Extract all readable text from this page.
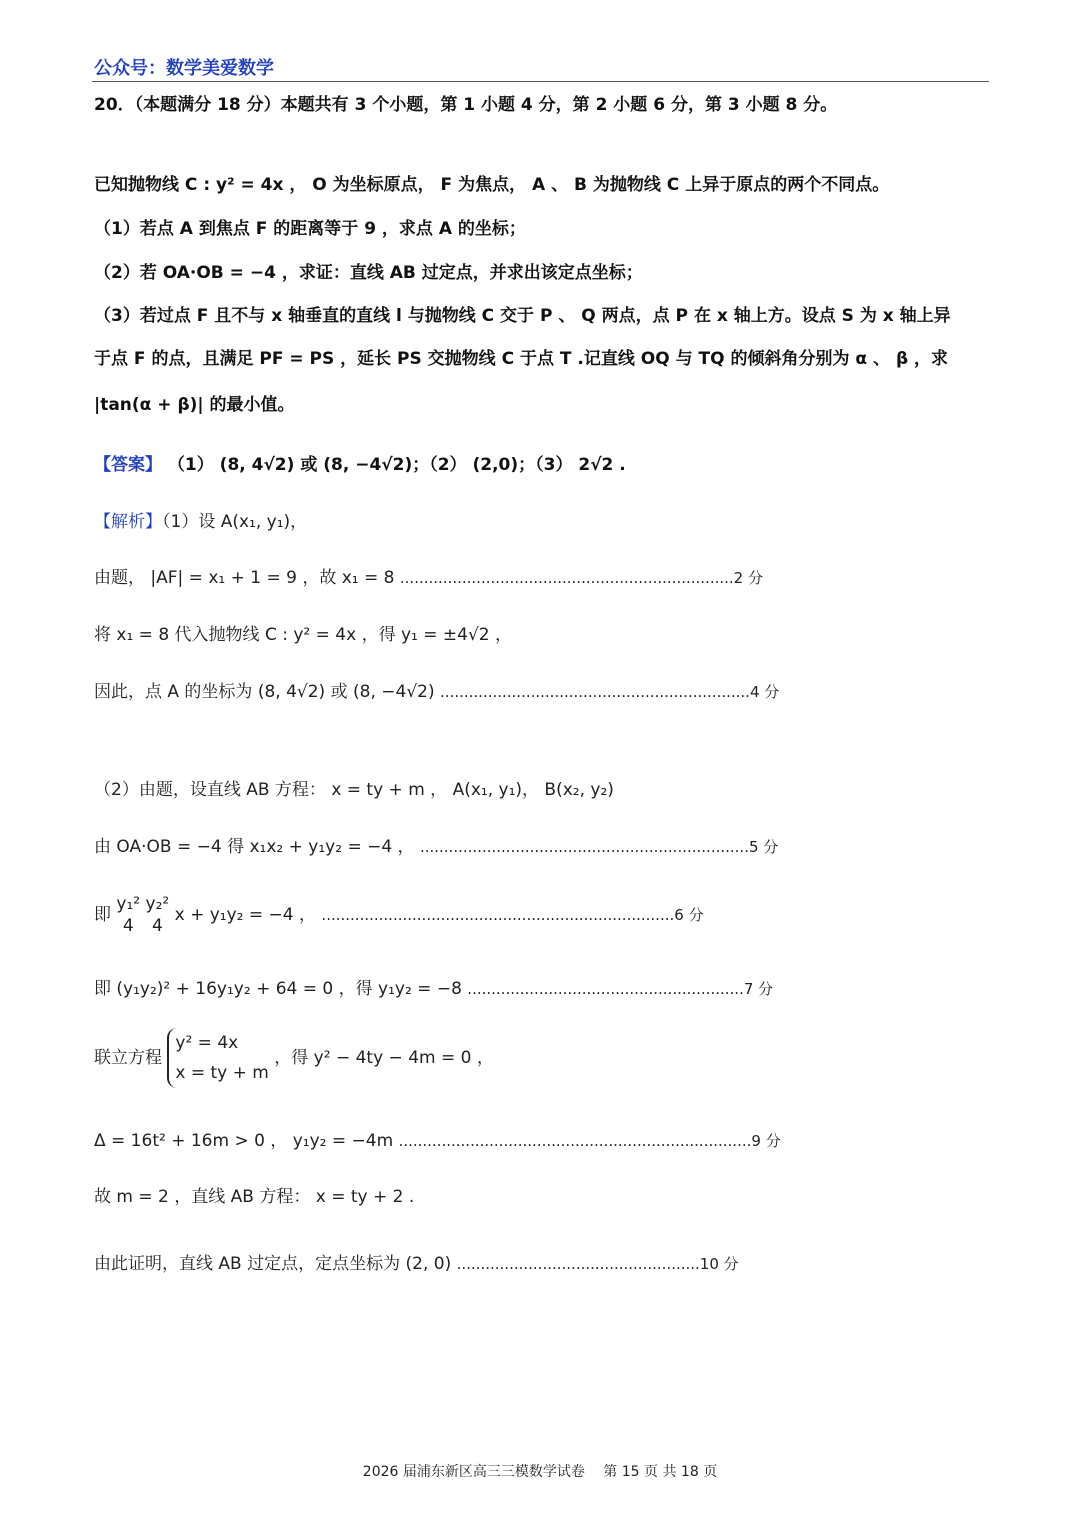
公众号：数学美爱数学
20．（本题满分 18 分）本题共有 3 个小题，第 1 小题 4 分，第 2 小题 6 分，第 3 小题 8 分。
已知抛物线 C : y² = 4x ， O 为坐标原点， F 为焦点， A 、 B 为抛物线 C 上异于原点的两个不同点。
（1）若点 A 到焦点 F 的距离等于 9 ，求点 A 的坐标；
（2）若 OA·OB = −4 ，求证：直线 AB 过定点，并求出该定点坐标；
（3）若过点 F 且不与 x 轴垂直的直线 l 与抛物线 C 交于 P 、 Q 两点，点 P 在 x 轴上方。设点 S 为 x 轴上异
于点 F 的点，且满足 PF = PS ，延长 PS 交抛物线 C 于点 T .记直线 OQ 与 TQ 的倾斜角分别为 α 、 β ，求
|tan(α + β)| 的最小值。
【答案】 （1） (8, 4√2) 或 (8, −4√2)；（2） (2,0)；（3） 2√2 .
【解析】（1）设 A(x₁, y₁)，
由题， |AF| = x₁ + 1 = 9 ，故 x₁ = 8 ......................................................................2 分
将 x₁ = 8 代入抛物线 C : y² = 4x ，得 y₁ = ±4√2 ，
因此，点 A 的坐标为 (8, 4√2) 或 (8, −4√2) .................................................................4 分
（2）由题，设直线 AB 方程： x = ty + m ， A(x₁, y₁)， B(x₂, y₂)
由 OA·OB = −4 得 x₁x₂ + y₁y₂ = −4 ， .....................................................................5 分
即
y₁²
4

y₂²
4
x + y₁y₂ = −4 ， ..........................................................................6 分
即 (y₁y₂)² + 16y₁y₂ + 64 = 0 ，得 y₁y₂ = −8 ..........................................................7 分
联立方程
y² = 4x
x = ty + m
，得 y² − 4ty − 4m = 0 ，
Δ = 16t² + 16m > 0 ， y₁y₂ = −4m ..........................................................................9 分
故 m = 2 ，直线 AB 方程： x = ty + 2 .
由此证明，直线 AB 过定点，定点坐标为 (2, 0) ...................................................10 分
2026 届浦东新区高三三模数学试卷　 第 15 页 共 18 页
